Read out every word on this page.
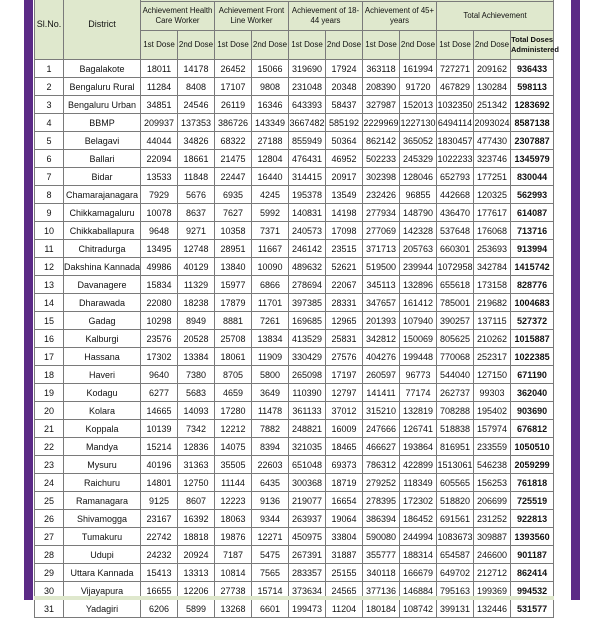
Sl.No.	District											
		Achievement Health Care Worker		Achievement Front Line Worker		Achievement of 18-44 years		Achievement of 45+ years		Total Achievement		
		1st Dose	2nd Dose	1st Dose	2nd Dose	1st Dose	2nd Dose	1st Dose	2nd Dose	1st Dose	2nd Dose	Total Doses Administered
1	Bagalakote	18011	14178	26452	15066	319690	17924	363118	161994	727271	209162	936433
2	Bengaluru Rural	11284	8408	17107	9808	231048	20348	208390	91720	467829	130284	598113
3	Bengaluru Urban	34851	24546	26119	16346	643393	58437	327987	152013	1032350	251342	1283692
4	BBMP	209937	137353	386726	143349	3667482	585192	2229969	1227130	6494114	2093024	8587138
5	Belagavi	44044	34826	68322	27188	855949	50364	862142	365052	1830457	477430	2307887
6	Ballari	22094	18661	21475	12804	476431	46952	502233	245329	1022233	323746	1345979
7	Bidar	13533	11848	22447	16440	314415	20917	302398	128046	652793	177251	830044
8	Chamarajanagara	7929	5676	6935	4245	195378	13549	232426	96855	442668	120325	562993
9	Chikkamagaluru	10078	8637	7627	5992	140831	14198	277934	148790	436470	177617	614087
10	Chikkaballapura	9648	9271	10358	7371	240573	17098	277069	142328	537648	176068	713716
11	Chitradurga	13495	12748	28951	11667	246142	23515	371713	205763	660301	253693	913994
12	Dakshina Kannada	49986	40129	13840	10090	489632	52621	519500	239944	1072958	342784	1415742
13	Davanagere	15834	11329	15977	6866	278694	22067	345113	132896	655618	173158	828776
14	Dharawada	22080	18238	17879	11701	397385	28331	347657	161412	785001	219682	1004683
15	Gadag	10298	8949	8881	7261	169685	12965	201393	107940	390257	137115	527372
16	Kalburgi	23576	20528	25708	13834	413529	25831	342812	150069	805625	210262	1015887
17	Hassana	17302	13384	18061	11909	330429	27576	404276	199448	770068	252317	1022385
18	Haveri	9640	7380	8705	5800	265098	17197	260597	96773	544040	127150	671190
19	Kodagu	6277	5683	4659	3649	110390	12797	141411	77174	262737	99303	362040
20	Kolara	14665	14093	17280	11478	361133	37012	315210	132819	708288	195402	903690
21	Koppala	10139	7342	12212	7882	248821	16009	247666	126741	518838	157974	676812
22	Mandya	15214	12836	14075	8394	321035	18465	466627	193864	816951	233559	1050510
23	Mysuru	40196	31363	35505	22603	651048	69373	786312	422899	1513061	546238	2059299
24	Raichuru	14801	12750	11144	6435	300368	18719	279252	118349	605565	156253	761818
25	Ramanagara	9125	8607	12223	9136	219077	16654	278395	172302	518820	206699	725519
26	Shivamogga	23167	16392	18063	9344	263937	19064	386394	186452	691561	231252	922813
27	Tumakuru	22742	18818	19876	12271	450975	33804	590080	244994	1083673	309887	1393560
28	Udupi	24232	20924	7187	5475	267391	31887	355777	188314	654587	246600	901187
29	Uttara Kannada	15413	13313	10814	7565	283357	25155	340118	166679	649702	212712	862414
30	Vijayapura	16655	12206	27738	15714	373634	24565	377136	146884	795163	199369	994532
31	Yadagiri	6206	5899	13268	6601	199473	11204	180184	108742	399131	132446	531577
